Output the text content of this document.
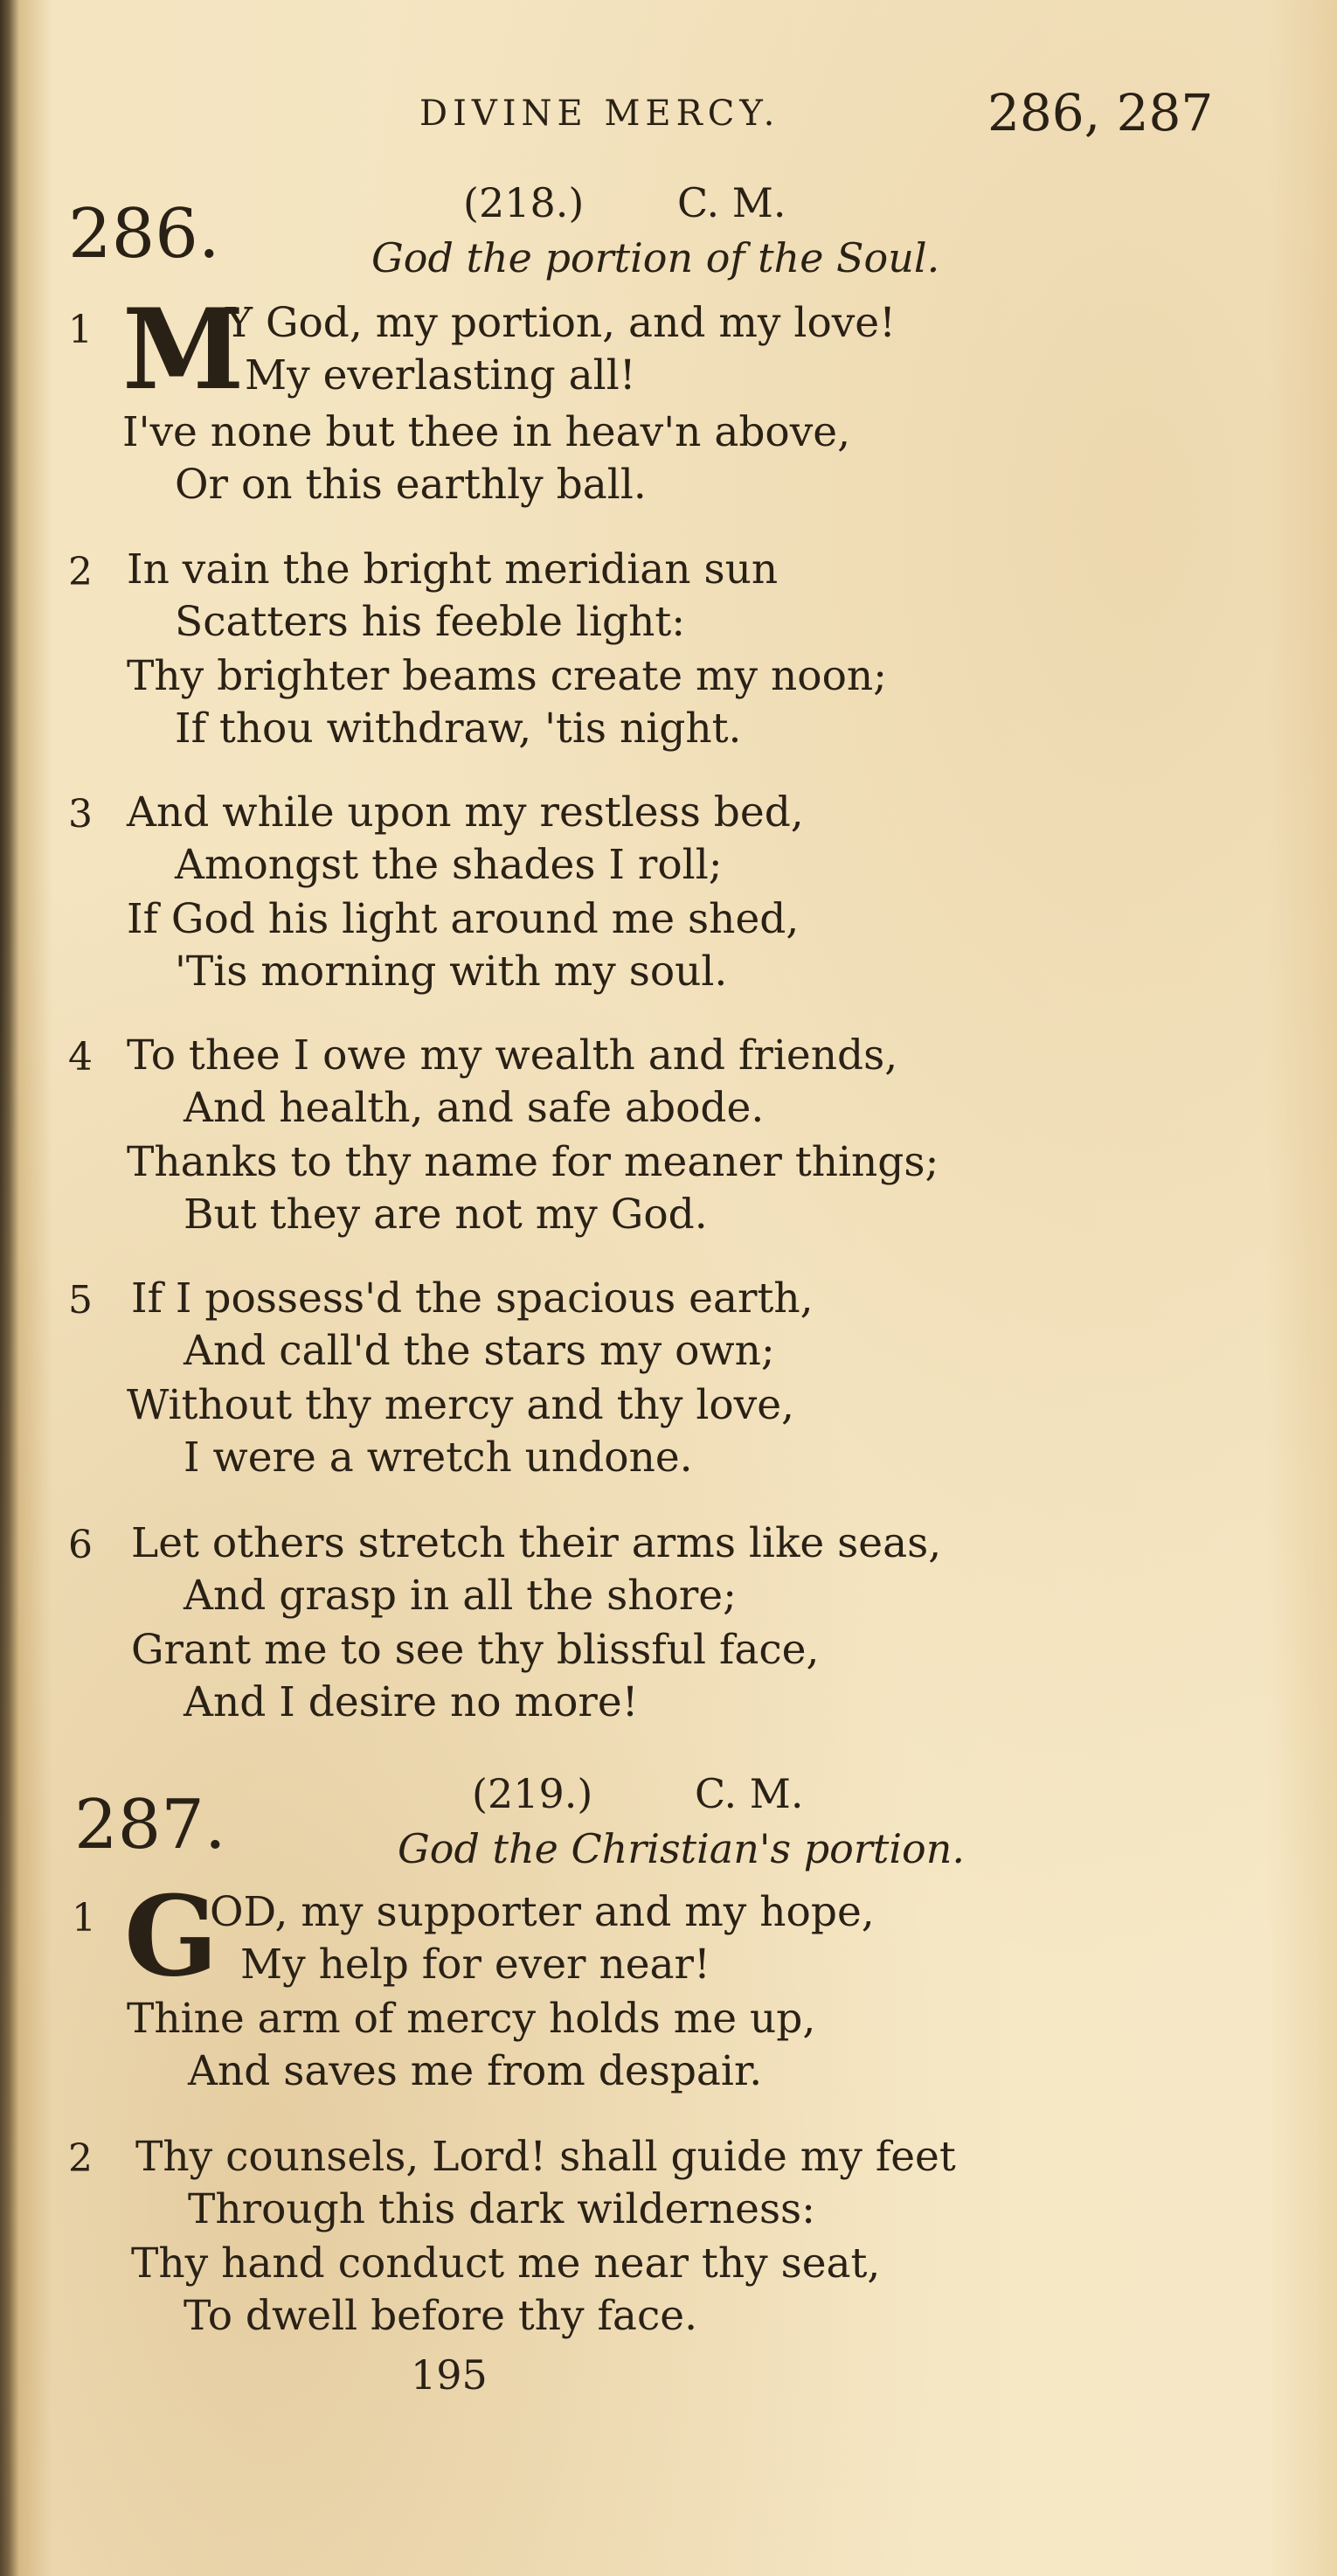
DIVINE MERCY.	286, 287
286.	(218.) C. M.
God the portion of the Soul.
1 M
Y God, my portion, and my love!
My everlasting all!
I've none but thee in heav'n above,
Or on this earthly ball.
2 In vain the bright meridian sun
Scatters his feeble light:
Thy brighter beams create my noon;
If thou withdraw, 'tis night.
3 And while upon my restless bed,
Amongst the shades I roll;
If God his light around me shed,
'Tis morning with my soul.
4 To thee I owe my wealth and friends,
And health, and safe abode.
Thanks to thy name for meaner things;
But they are not my God.
5 If I possess'd the spacious earth,
And call'd the stars my own;
Without thy mercy and thy love,
I were a wretch undone.
6 Let others stretch their arms like seas,
And grasp in all the shore;
Grant me to see thy blissful face,
And I desire no more!
287.	(219.)	C. M.
God the Christian's portion.
1 G
OD, my supporter and my hope,
My help for ever near!
Thine arm of mercy holds me up,
And saves me from despair.
2 Thy counsels, Lord! shall guide my feet
Through this dark wilderness:
Thy hand conduct me near thy seat,
To dwell before thy face.
195
